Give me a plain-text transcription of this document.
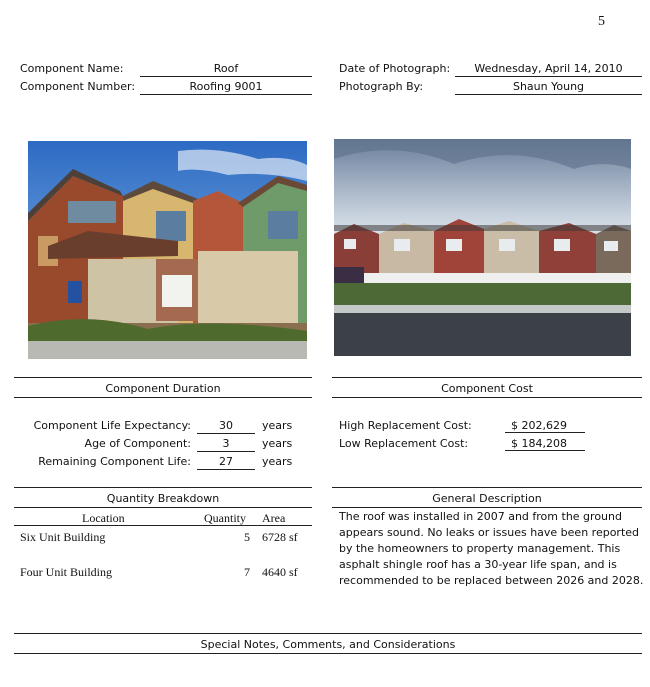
5
Component Name:	Roof
Component Number:	Roofing 9001
Date of Photograph:	Wednesday, April 14, 2010
Photograph By:	Shaun Young
Component Duration
Component Life Expectancy:	30	years
Age of Component:	3	years
Remaining Component Life:	27	years
Component Cost
High Replacement Cost:	$ 202,629
Low Replacement Cost:	$ 184,208
Quantity Breakdown
Location	Quantity Area
Six Unit Building	5 6728 sf
Four Unit Building	7 4640 sf
General Description
The roof was installed in 2007 and from the ground
appears sound. No leaks or issues have been reported
by the homeowners to property management. This
asphalt shingle roof has a 30-year life span, and is
recommended to be replaced between 2026 and 2028.
Special Notes, Comments, and Considerations
